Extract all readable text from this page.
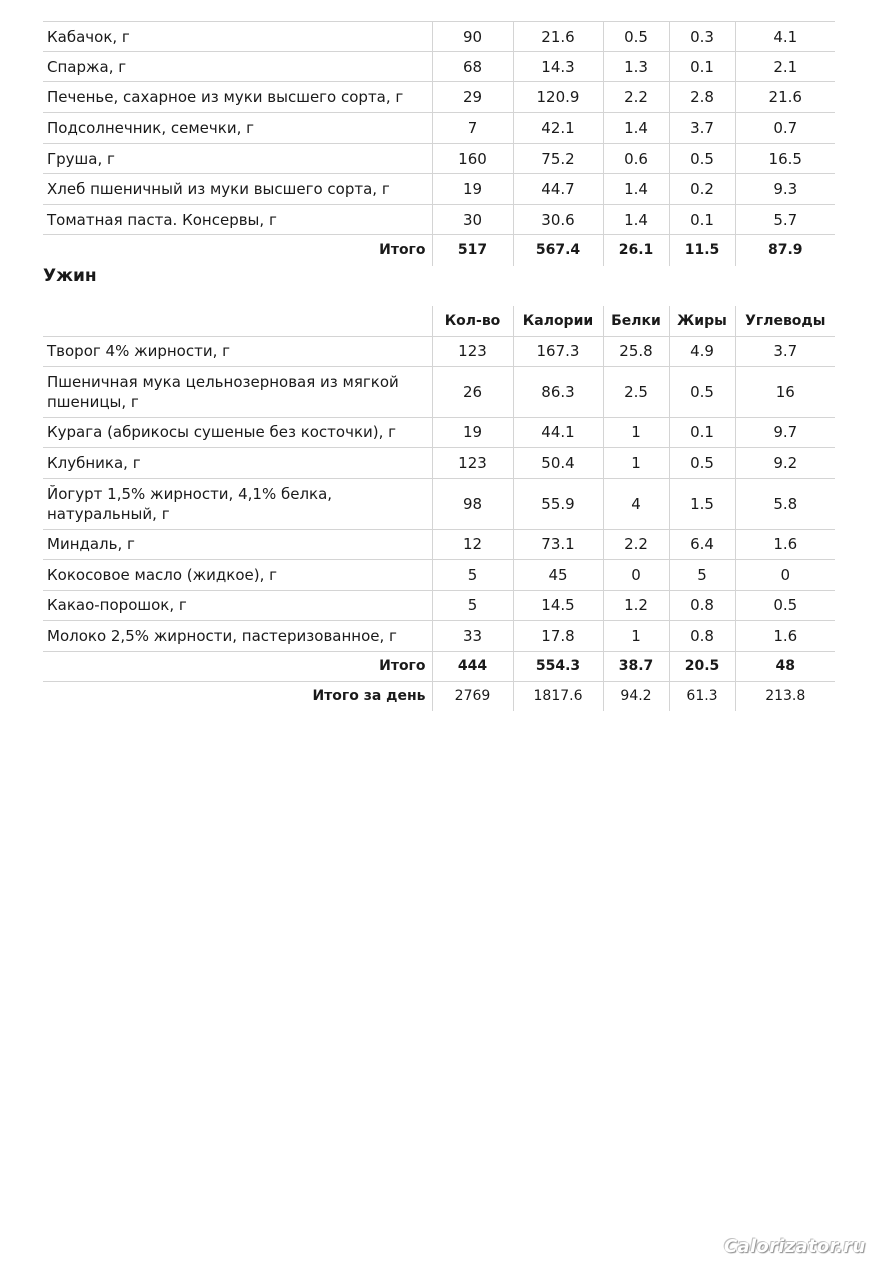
Кабачок, г	90	21.6	0.5	0.3	4.1
Спаржа, г	68	14.3	1.3	0.1	2.1
Печенье, сахарное из муки высшего сорта, г	29	120.9	2.2	2.8	21.6
Подсолнечник, семечки, г	7	42.1	1.4	3.7	0.7
Груша, г	160	75.2	0.6	0.5	16.5
Хлеб пшеничный из муки высшего сорта, г	19	44.7	1.4	0.2	9.3
Томатная паста. Консервы, г	30	30.6	1.4	0.1	5.7
Итого	517	567.4	26.1	11.5	87.9
Ужин
	Кол-во	Калории	Белки	Жиры	Углеводы
Творог 4% жирности, г	123	167.3	25.8	4.9	3.7
Пшеничная мука цельнозерновая из мягкой пшеницы, г	26	86.3	2.5	0.5	16
Курага (абрикосы сушеные без косточки), г	19	44.1	1	0.1	9.7
Клубника, г	123	50.4	1	0.5	9.2
Йогурт 1,5% жирности, 4,1% белка, натуральный, г	98	55.9	4	1.5	5.8
Миндаль, г	12	73.1	2.2	6.4	1.6
Кокосовое масло (жидкое), г	5	45	0	5	0
Какао-порошок, г	5	14.5	1.2	0.8	0.5
Молоко 2,5% жирности, пастеризованное, г	33	17.8	1	0.8	1.6
Итого	444	554.3	38.7	20.5	48
Итого за день	2769	1817.6	94.2	61.3	213.8
Calorizator.ru
